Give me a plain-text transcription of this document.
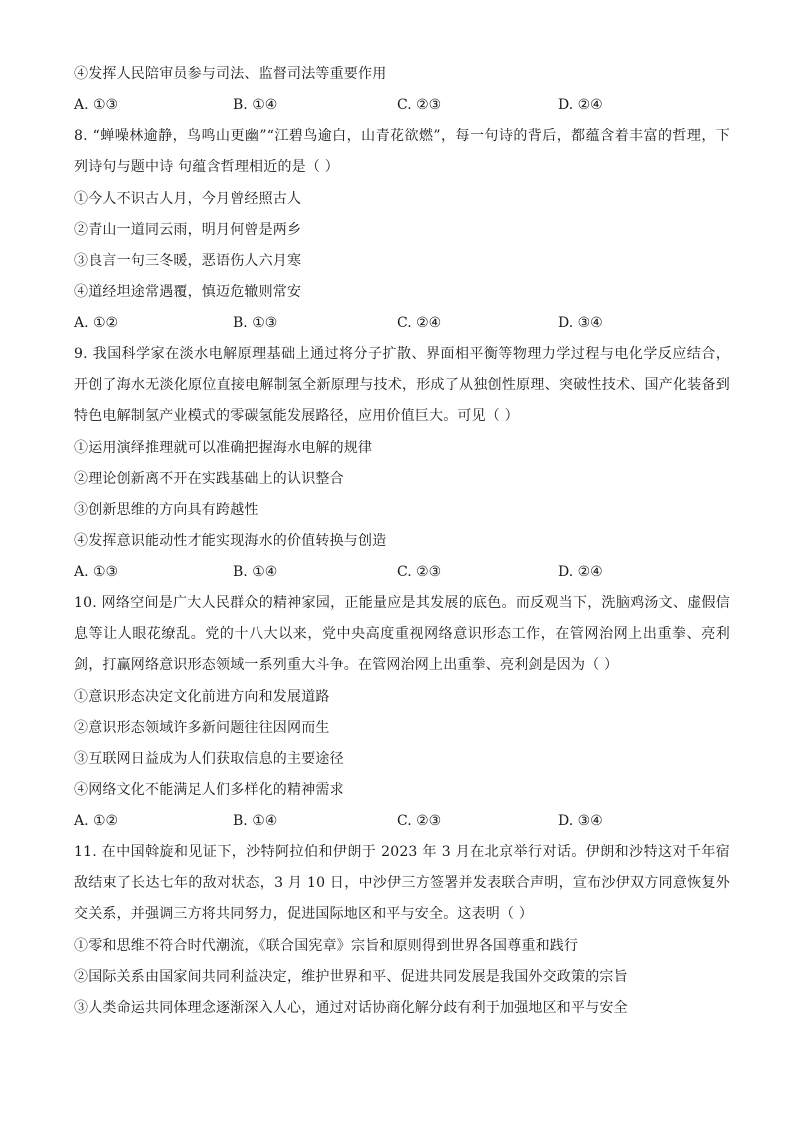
④发挥人民陪审员参与司法、监督司法等重要作用
A. ①③	B. ①④	C. ②③	D. ②④
8. “蝉噪林逾静，鸟鸣山更幽”“江碧鸟逾白，山青花欲燃”，每一句诗的背后，都蕴含着丰富的哲理，下列诗句与题中诗 句蕴含哲理相近的是（ ）
①今人不识古人月，今月曾经照古人
②青山一道同云雨，明月何曾是两乡
③良言一句三冬暖，恶语伤人六月寒
④道经坦途常遇覆，慎迈危辙则常安
A. ①②	B. ①③	C. ②④	D. ③④
9. 我国科学家在淡水电解原理基础上通过将分子扩散、界面相平衡等物理力学过程与电化学反应结合，开创了海水无淡化原位直接电解制氢全新原理与技术，形成了从独创性原理、突破性技术、国产化装备到特色电解制氢产业模式的零碳氢能发展路径，应用价值巨大。可见（ ）
①运用演绎推理就可以准确把握海水电解的规律
②理论创新离不开在实践基础上的认识整合
③创新思维的方向具有跨越性
④发挥意识能动性才能实现海水的价值转换与创造
A. ①③	B. ①④	C. ②③	D. ②④
10. 网络空间是广大人民群众的精神家园，正能量应是其发展的底色。而反观当下，洗脑鸡汤文、虚假信息等让人眼花缭乱。党的十八大以来，党中央高度重视网络意识形态工作，在管网治网上出重拳、亮利剑，打赢网络意识形态领域一系列重大斗争。在管网治网上出重拳、亮利剑是因为（ ）
①意识形态决定文化前进方向和发展道路
②意识形态领域许多新问题往往因网而生
③互联网日益成为人们获取信息的主要途径
④网络文化不能满足人们多样化的精神需求
A. ①②	B. ①④	C. ②③	D. ③④
11. 在中国斡旋和见证下，沙特阿拉伯和伊朗于 2023 年 3 月在北京举行对话。伊朗和沙特这对千年宿敌结束了长达七年的敌对状态，3 月 10 日，中沙伊三方签署并发表联合声明，宣布沙伊双方同意恢复外交关系，并强调三方将共同努力，促进国际地区和平与安全。这表明（ ）
①零和思维不符合时代潮流，《联合国宪章》宗旨和原则得到世界各国尊重和践行
②国际关系由国家间共同利益决定，维护世界和平、促进共同发展是我国外交政策的宗旨
③人类命运共同体理念逐渐深入人心，通过对话协商化解分歧有利于加强地区和平与安全
